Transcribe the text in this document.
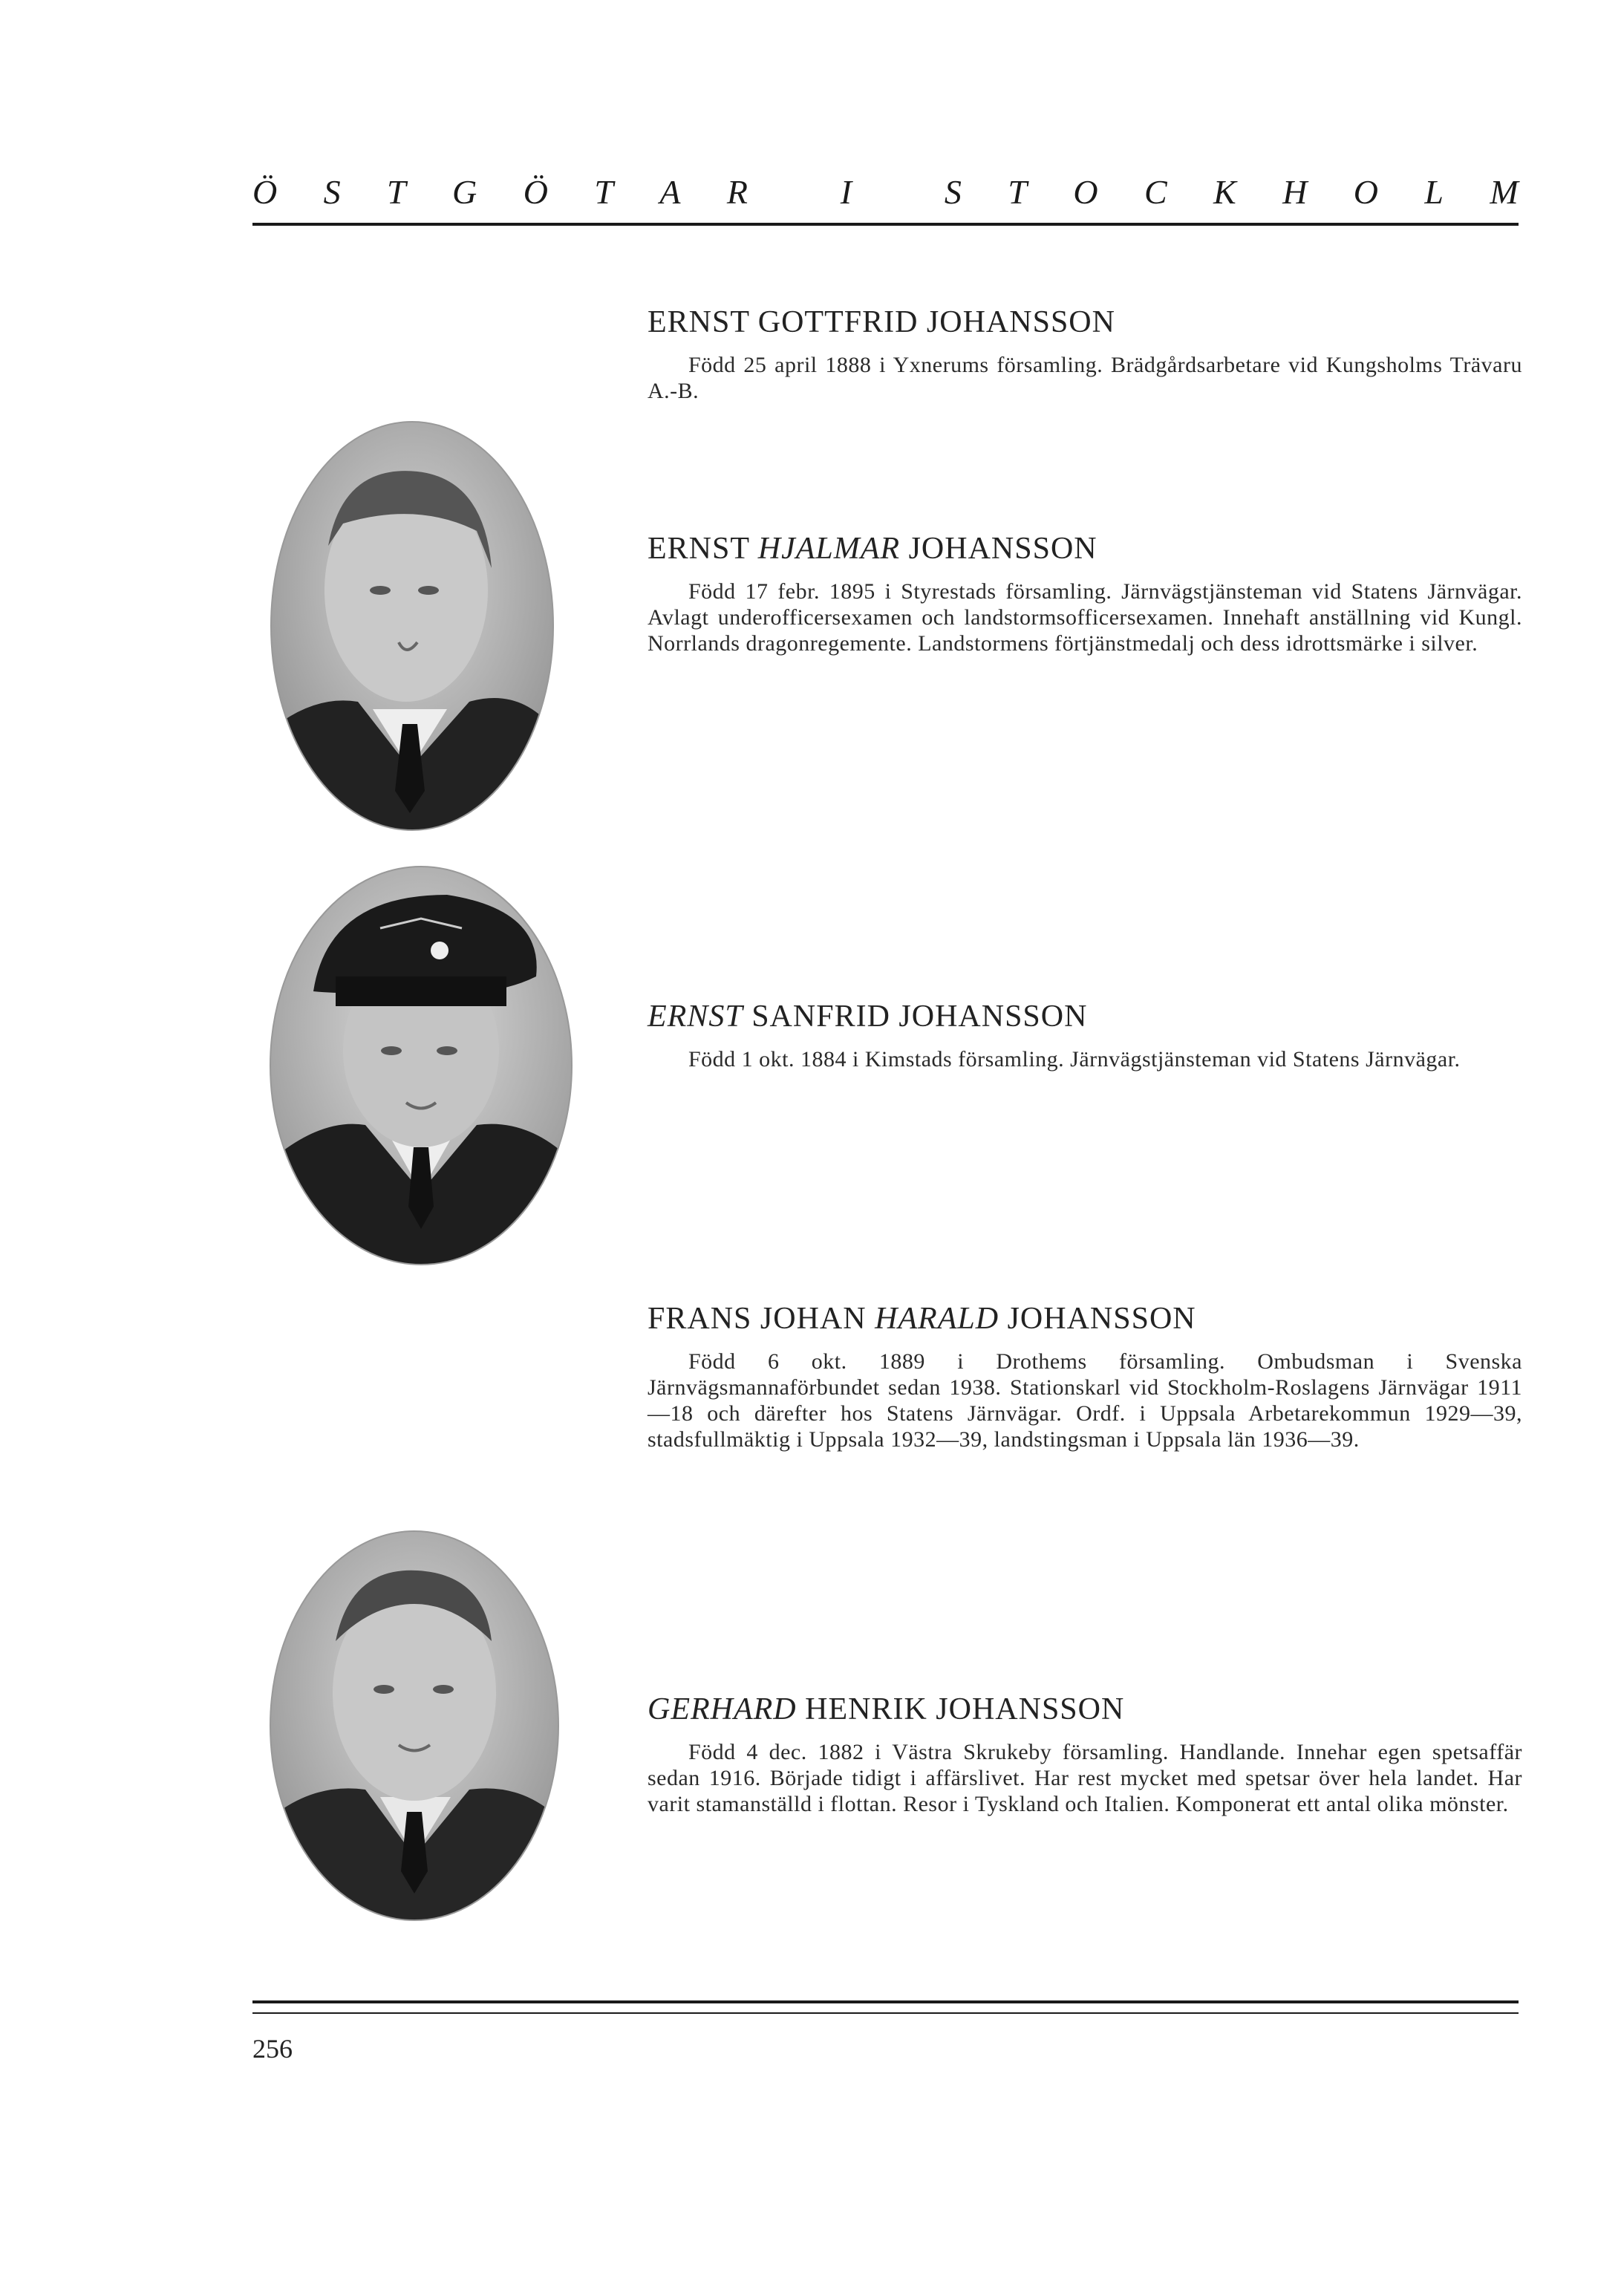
Ö S T G Ö T A R	I	S T O C K H O L M
ERNST GOTTFRID JOHANSSON

Född 25 april 1888 i Yxnerums församling. Brädgårdsarbetare vid Kungsholms Trävaru A.-B.

ERNST HJALMAR JOHANSSON

Född 17 febr. 1895 i Styrestads församling. Järnvägstjänsteman vid Statens Järnvägar. Avlagt underofficersexamen och landstormsofficersexamen. Innehaft anställning vid Kungl. Norrlands dragonregemente. Landstormens förtjänstmedalj och dess idrottsmärke i silver.

ERNST SANFRID JOHANSSON

Född 1 okt. 1884 i Kimstads församling. Järnvägstjänsteman vid Statens Järnvägar.

FRANS JOHAN HARALD JOHANSSON

Född 6 okt. 1889 i Drothems församling. Ombudsman i Svenska Järnvägsmannaförbundet sedan 1938. Stationskarl vid Stockholm-Roslagens Järnvägar 1911—18 och därefter hos Statens Järnvägar. Ordf. i Uppsala Arbetarekommun 1929—39, stadsfullmäktig i Uppsala 1932—39, landstingsman i Uppsala län 1936—39.

GERHARD HENRIK JOHANSSON

Född 4 dec. 1882 i Västra Skrukeby församling. Handlande. Innehar egen spetsaffär sedan 1916. Började tidigt i affärslivet. Har rest mycket med spetsar över hela landet. Har varit stamanställd i flottan. Resor i Tyskland och Italien. Komponerat ett antal olika mönster.

256
